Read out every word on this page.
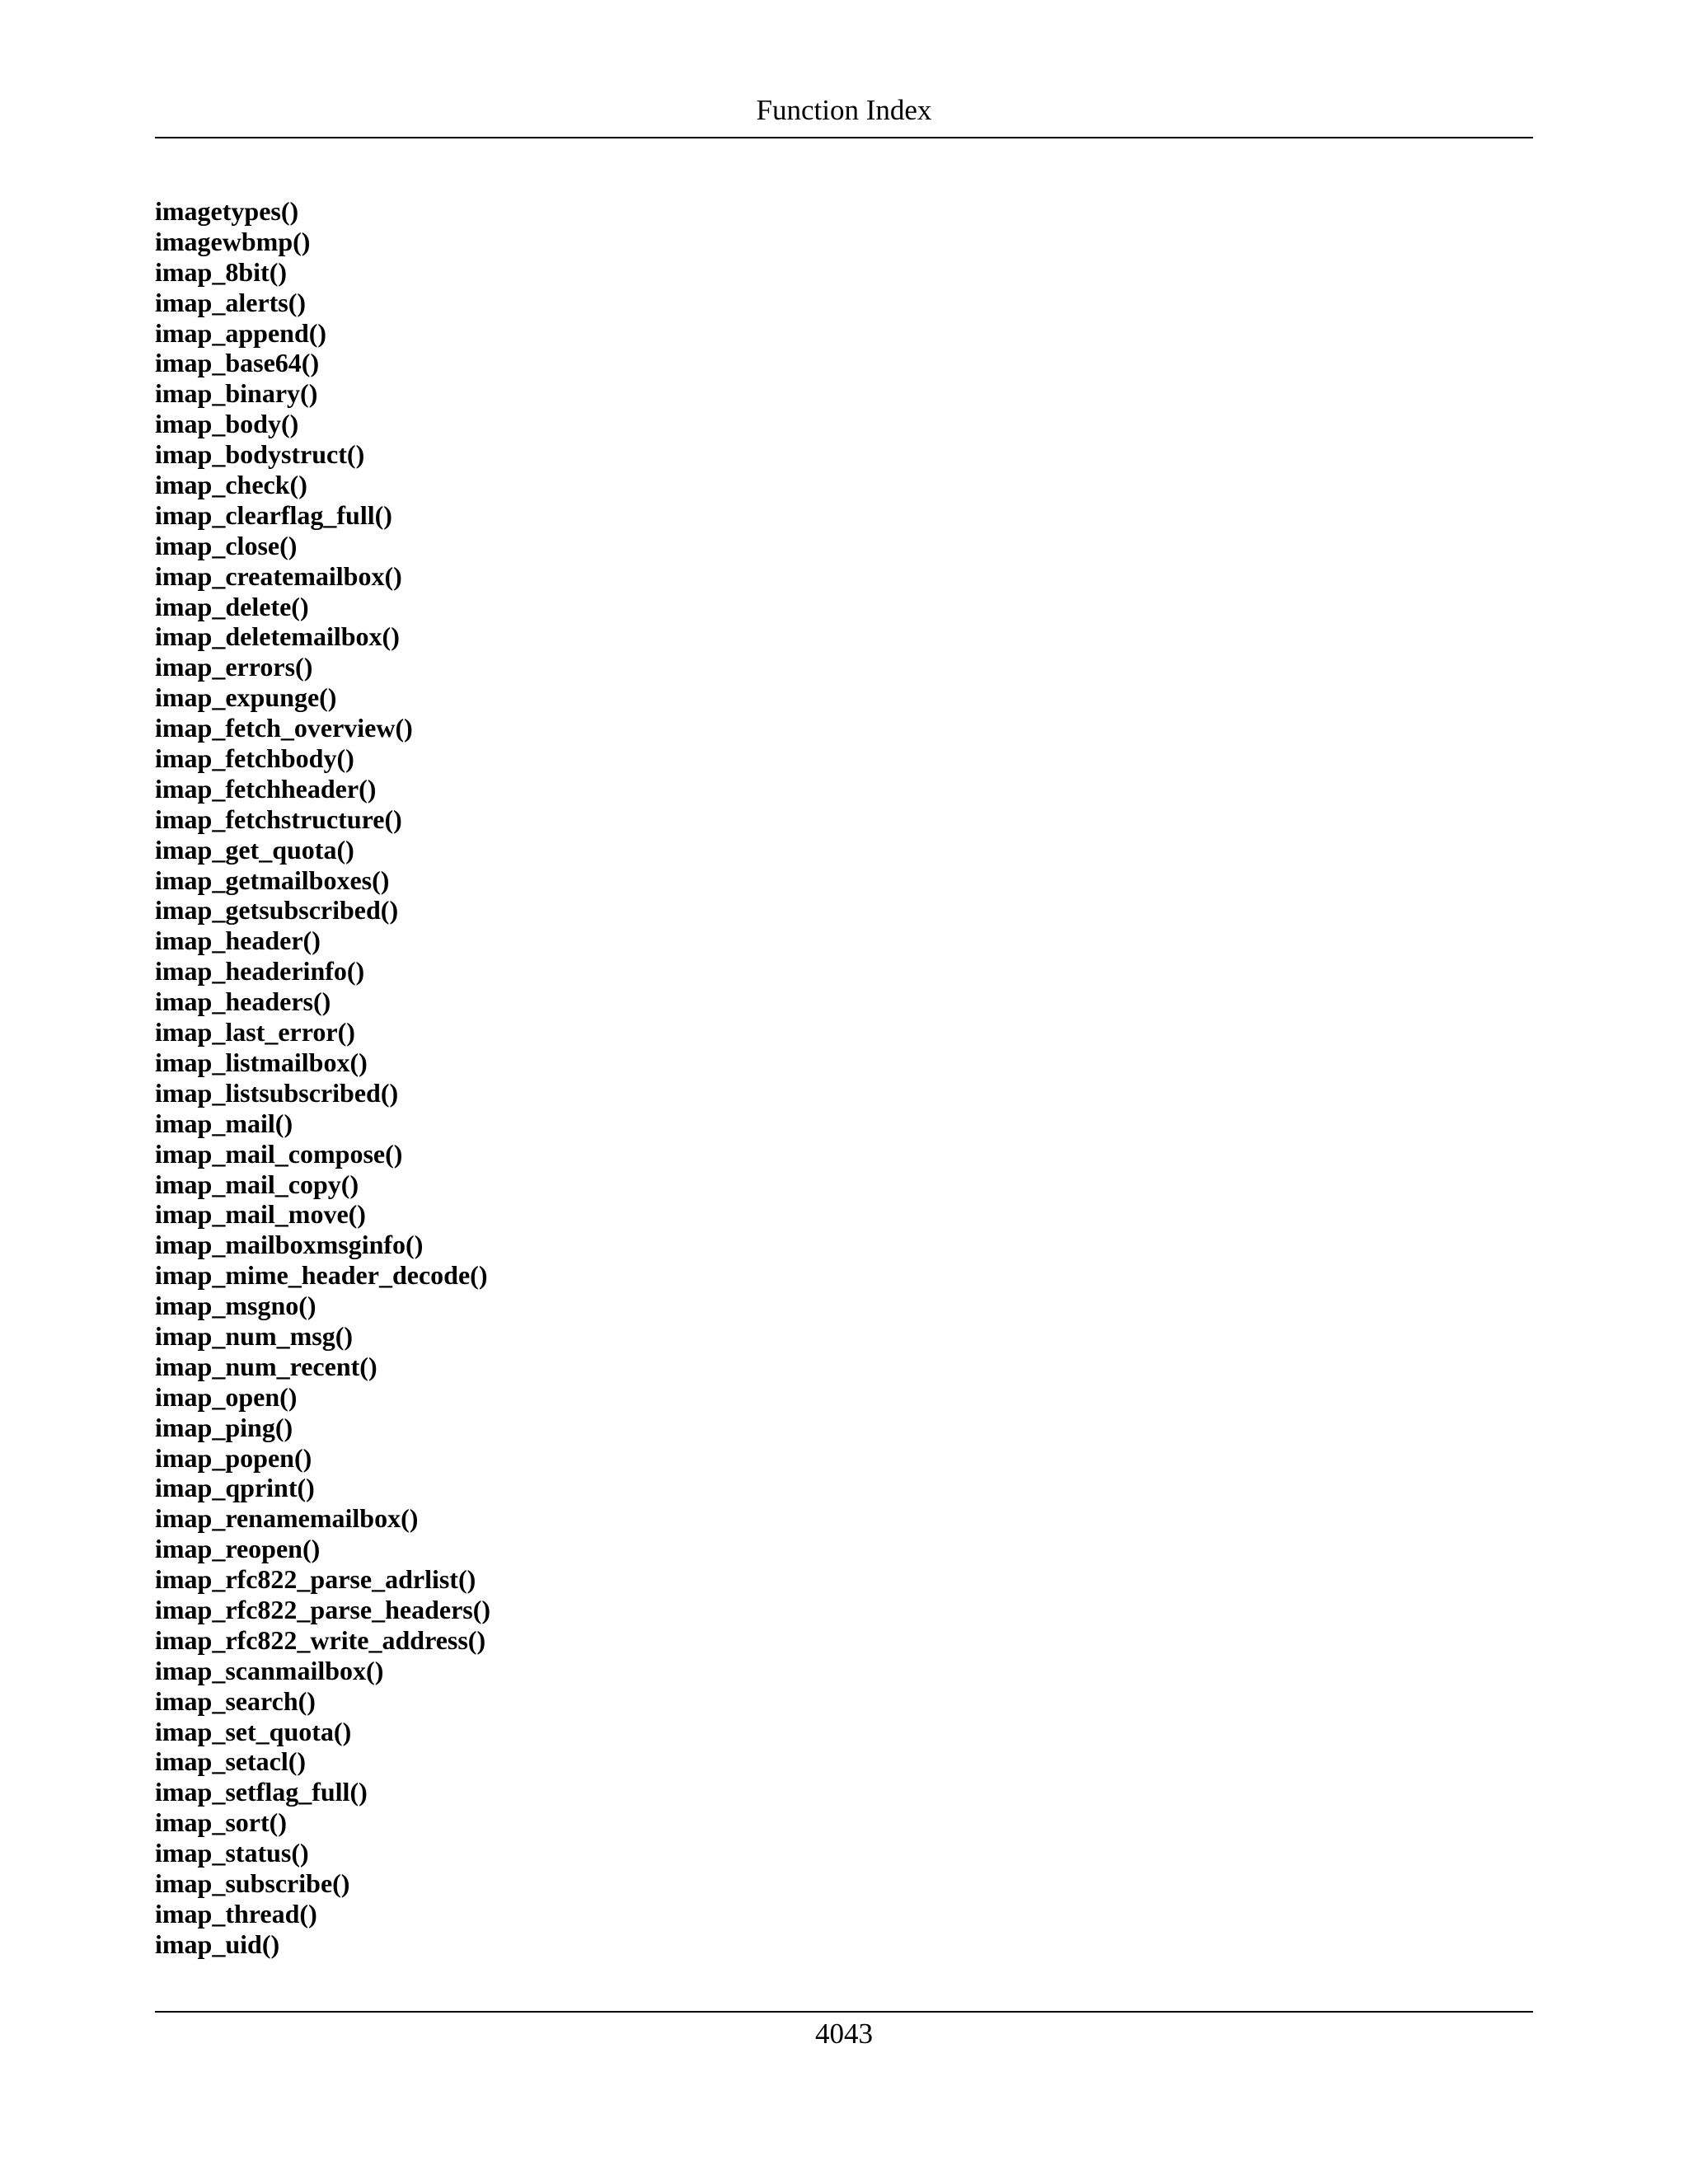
Function Index
imagetypes()
imagewbmp()
imap_8bit()
imap_alerts()
imap_append()
imap_base64()
imap_binary()
imap_body()
imap_bodystruct()
imap_check()
imap_clearflag_full()
imap_close()
imap_createmailbox()
imap_delete()
imap_deletemailbox()
imap_errors()
imap_expunge()
imap_fetch_overview()
imap_fetchbody()
imap_fetchheader()
imap_fetchstructure()
imap_get_quota()
imap_getmailboxes()
imap_getsubscribed()
imap_header()
imap_headerinfo()
imap_headers()
imap_last_error()
imap_listmailbox()
imap_listsubscribed()
imap_mail()
imap_mail_compose()
imap_mail_copy()
imap_mail_move()
imap_mailboxmsginfo()
imap_mime_header_decode()
imap_msgno()
imap_num_msg()
imap_num_recent()
imap_open()
imap_ping()
imap_popen()
imap_qprint()
imap_renamemailbox()
imap_reopen()
imap_rfc822_parse_adrlist()
imap_rfc822_parse_headers()
imap_rfc822_write_address()
imap_scanmailbox()
imap_search()
imap_set_quota()
imap_setacl()
imap_setflag_full()
imap_sort()
imap_status()
imap_subscribe()
imap_thread()
imap_uid()
4043
